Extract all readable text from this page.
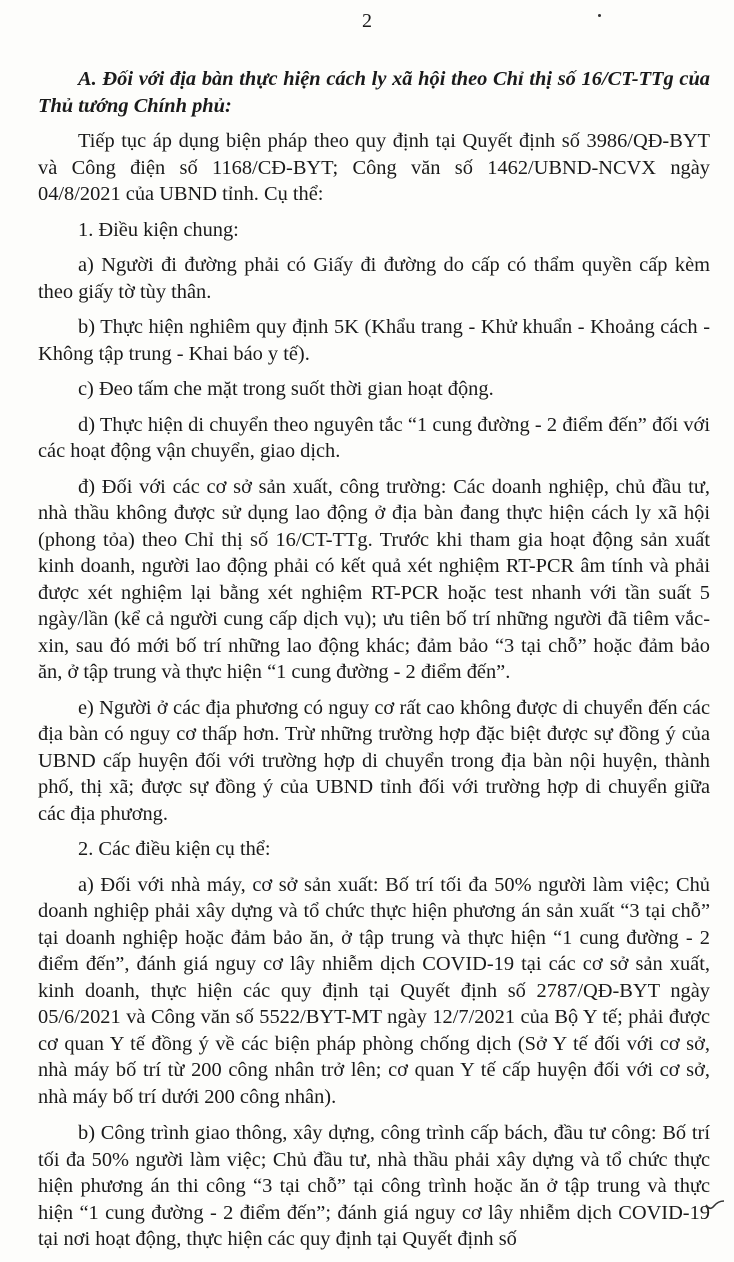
2

A. Đối với địa bàn thực hiện cách ly xã hội theo Chỉ thị số 16/CT-TTg của Thủ tướng Chính phủ:

Tiếp tục áp dụng biện pháp theo quy định tại Quyết định số 3986/QĐ-BYT và Công điện số 1168/CĐ-BYT; Công văn số 1462/UBND-NCVX ngày 04/8/2021 của UBND tỉnh. Cụ thể:

1. Điều kiện chung:

a) Người đi đường phải có Giấy đi đường do cấp có thẩm quyền cấp kèm theo giấy tờ tùy thân.

b) Thực hiện nghiêm quy định 5K (Khẩu trang - Khử khuẩn - Khoảng cách - Không tập trung - Khai báo y tế).

c) Đeo tấm che mặt trong suốt thời gian hoạt động.

d) Thực hiện di chuyển theo nguyên tắc “1 cung đường - 2 điểm đến” đối với các hoạt động vận chuyển, giao dịch.

đ) Đối với các cơ sở sản xuất, công trường: Các doanh nghiệp, chủ đầu tư, nhà thầu không được sử dụng lao động ở địa bàn đang thực hiện cách ly xã hội (phong tỏa) theo Chỉ thị số 16/CT-TTg. Trước khi tham gia hoạt động sản xuất kinh doanh, người lao động phải có kết quả xét nghiệm RT-PCR âm tính và phải được xét nghiệm lại bằng xét nghiệm RT-PCR hoặc test nhanh với tần suất 5 ngày/lần (kể cả người cung cấp dịch vụ); ưu tiên bố trí những người đã tiêm vắc-xin, sau đó mới bố trí những lao động khác; đảm bảo “3 tại chỗ” hoặc đảm bảo ăn, ở tập trung và thực hiện “1 cung đường - 2 điểm đến”.

e) Người ở các địa phương có nguy cơ rất cao không được di chuyển đến các địa bàn có nguy cơ thấp hơn. Trừ những trường hợp đặc biệt được sự đồng ý của UBND cấp huyện đối với trường hợp di chuyển trong địa bàn nội huyện, thành phố, thị xã; được sự đồng ý của UBND tỉnh đối với trường hợp di chuyển giữa các địa phương.

2. Các điều kiện cụ thể:

a) Đối với nhà máy, cơ sở sản xuất: Bố trí tối đa 50% người làm việc; Chủ doanh nghiệp phải xây dựng và tổ chức thực hiện phương án sản xuất “3 tại chỗ” tại doanh nghiệp hoặc đảm bảo ăn, ở tập trung và thực hiện “1 cung đường - 2 điểm đến”, đánh giá nguy cơ lây nhiễm dịch COVID-19 tại các cơ sở sản xuất, kinh doanh, thực hiện các quy định tại Quyết định số 2787/QĐ-BYT ngày 05/6/2021 và Công văn số 5522/BYT-MT ngày 12/7/2021 của Bộ Y tế; phải được cơ quan Y tế đồng ý về các biện pháp phòng chống dịch (Sở Y tế đối với cơ sở, nhà máy bố trí từ 200 công nhân trở lên; cơ quan Y tế cấp huyện đối với cơ sở, nhà máy bố trí dưới 200 công nhân).

b) Công trình giao thông, xây dựng, công trình cấp bách, đầu tư công: Bố trí tối đa 50% người làm việc; Chủ đầu tư, nhà thầu phải xây dựng và tổ chức thực hiện phương án thi công “3 tại chỗ” tại công trình hoặc ăn ở tập trung và thực hiện “1 cung đường - 2 điểm đến”; đánh giá nguy cơ lây nhiễm dịch COVID-19 tại nơi hoạt động, thực hiện các quy định tại Quyết định số
